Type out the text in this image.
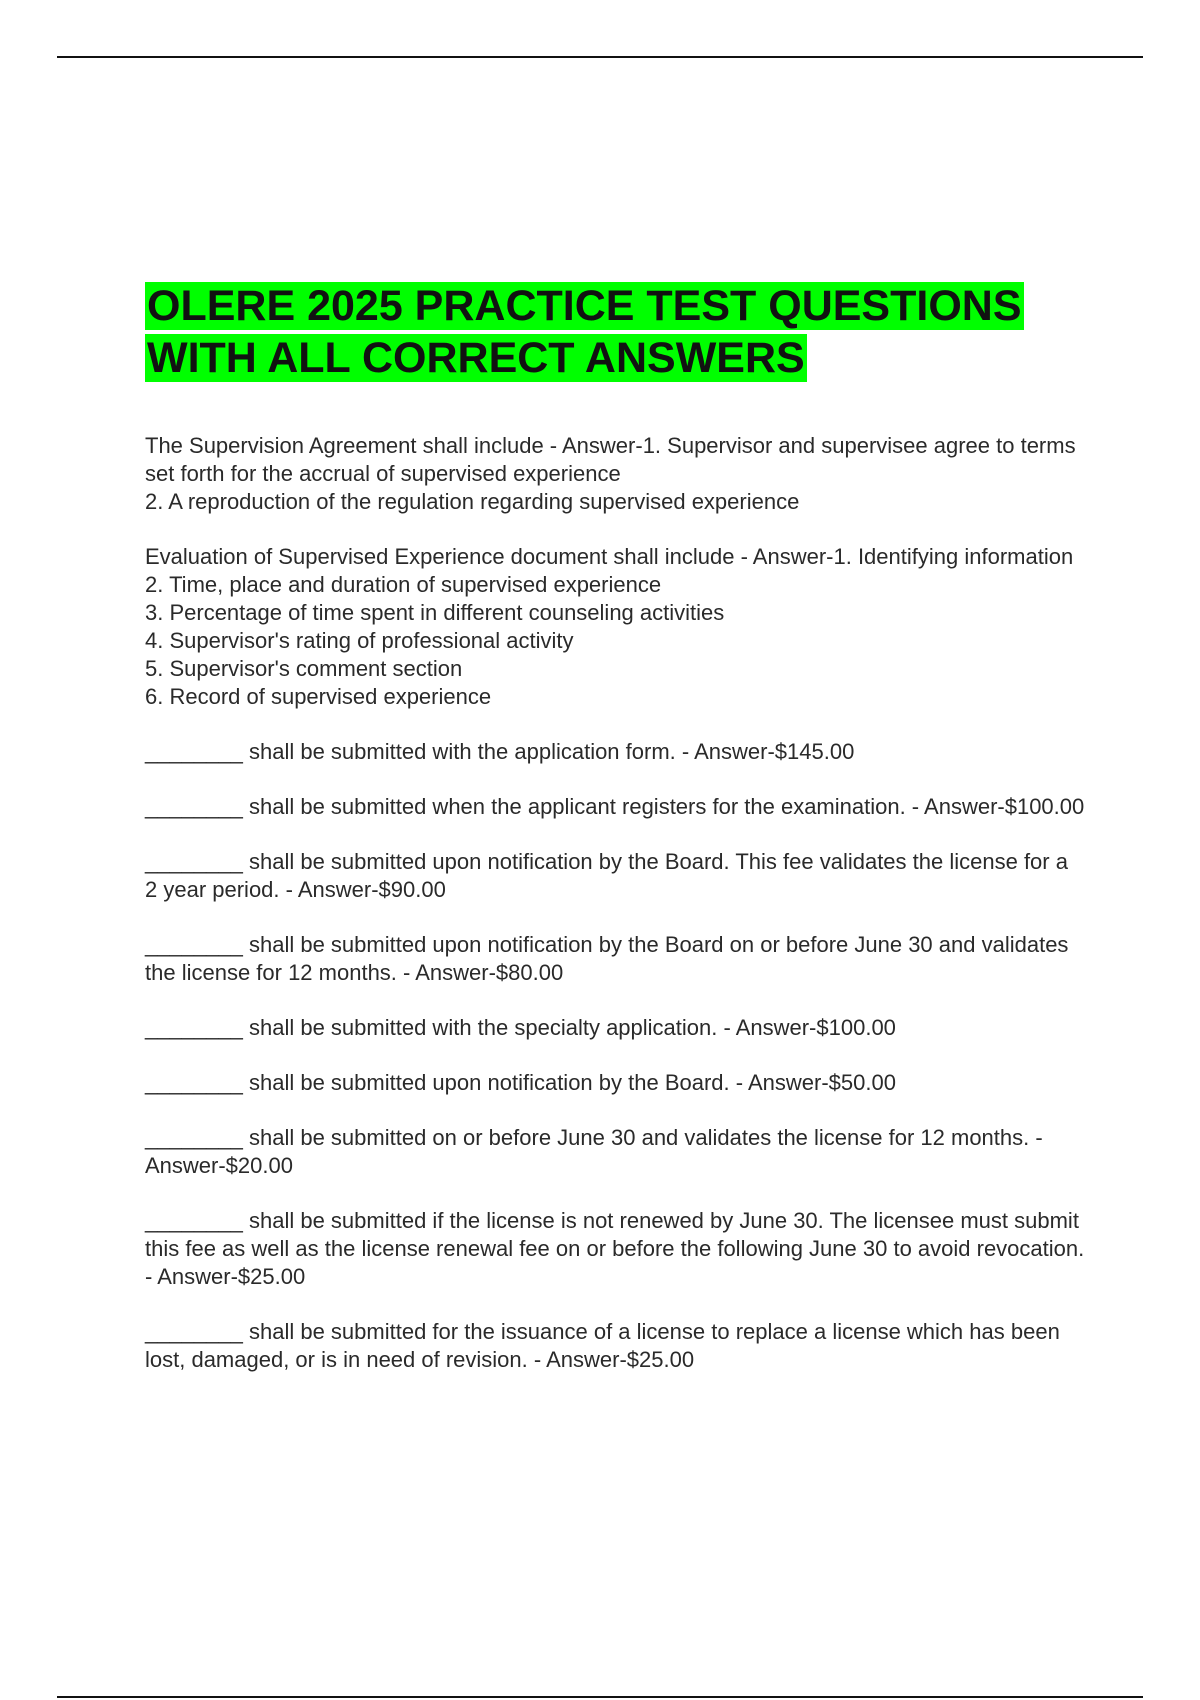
OLERE 2025 PRACTICE TEST QUESTIONS WITH ALL CORRECT ANSWERS

The Supervision Agreement shall include - Answer-1. Supervisor and supervisee agree to terms set forth for the accrual of supervised experience
2. A reproduction of the regulation regarding supervised experience

Evaluation of Supervised Experience document shall include - Answer-1. Identifying information
2. Time, place and duration of supervised experience
3. Percentage of time spent in different counseling activities
4. Supervisor's rating of professional activity
5. Supervisor's comment section
6. Record of supervised experience

________ shall be submitted with the application form. - Answer-$145.00

________ shall be submitted when the applicant registers for the examination. - Answer-$100.00

________ shall be submitted upon notification by the Board. This fee validates the license for a 2 year period. - Answer-$90.00

________ shall be submitted upon notification by the Board on or before June 30 and validates the license for 12 months. - Answer-$80.00

________ shall be submitted with the specialty application. - Answer-$100.00

________ shall be submitted upon notification by the Board. - Answer-$50.00

________ shall be submitted on or before June 30 and validates the license for 12 months. - Answer-$20.00

________ shall be submitted if the license is not renewed by June 30. The licensee must submit this fee as well as the license renewal fee on or before the following June 30 to avoid revocation. - Answer-$25.00

________ shall be submitted for the issuance of a license to replace a license which has been lost, damaged, or is in need of revision. - Answer-$25.00
